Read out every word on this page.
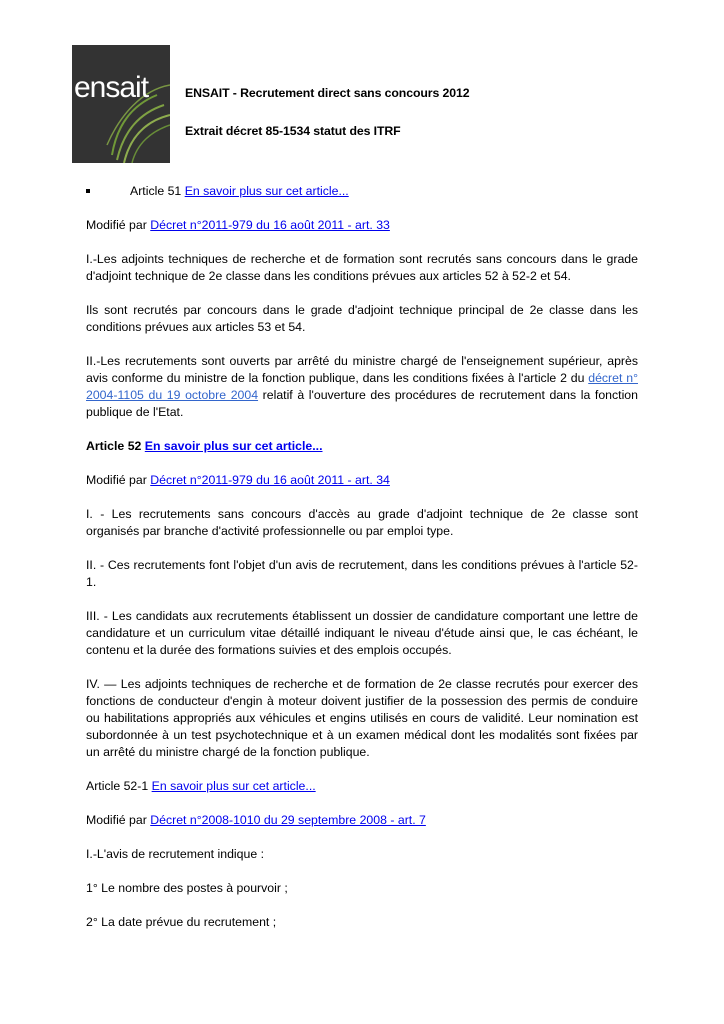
ensait	ENSAIT - Recrutement direct sans concours 2012
Extrait décret 85-1534 statut des ITRF
Article 51 En savoir plus sur cet article...

Modifié par Décret n°2011-979 du 16 août 2011 - art. 33

I.-Les adjoints techniques de recherche et de formation sont recrutés sans concours dans le grade d'adjoint technique de 2e classe dans les conditions prévues aux articles 52 à 52-2 et 54.

Ils sont recrutés par concours dans le grade d'adjoint technique principal de 2e classe dans les conditions prévues aux articles 53 et 54.

II.-Les recrutements sont ouverts par arrêté du ministre chargé de l'enseignement supérieur, après avis conforme du ministre de la fonction publique, dans les conditions fixées à l'article 2 du décret n° 2004-1105 du 19 octobre 2004 relatif à l'ouverture des procédures de recrutement dans la fonction publique de l'Etat.

Article 52 En savoir plus sur cet article...

Modifié par Décret n°2011-979 du 16 août 2011 - art. 34

I. - Les recrutements sans concours d'accès au grade d'adjoint technique de 2e classe sont organisés par branche d'activité professionnelle ou par emploi type.

II. - Ces recrutements font l'objet d'un avis de recrutement, dans les conditions prévues à l'article 52-1.

III. - Les candidats aux recrutements établissent un dossier de candidature comportant une lettre de candidature et un curriculum vitae détaillé indiquant le niveau d'étude ainsi que, le cas échéant, le contenu et la durée des formations suivies et des emplois occupés.

IV. ― Les adjoints techniques de recherche et de formation de 2e classe recrutés pour exercer des fonctions de conducteur d'engin à moteur doivent justifier de la possession des permis de conduire ou habilitations appropriés aux véhicules et engins utilisés en cours de validité. Leur nomination est subordonnée à un test psychotechnique et à un examen médical dont les modalités sont fixées par un arrêté du ministre chargé de la fonction publique.

Article 52-1 En savoir plus sur cet article...

Modifié par Décret n°2008-1010 du 29 septembre 2008 - art. 7

I.-L'avis de recrutement indique :

1° Le nombre des postes à pourvoir ;

2° La date prévue du recrutement ;
